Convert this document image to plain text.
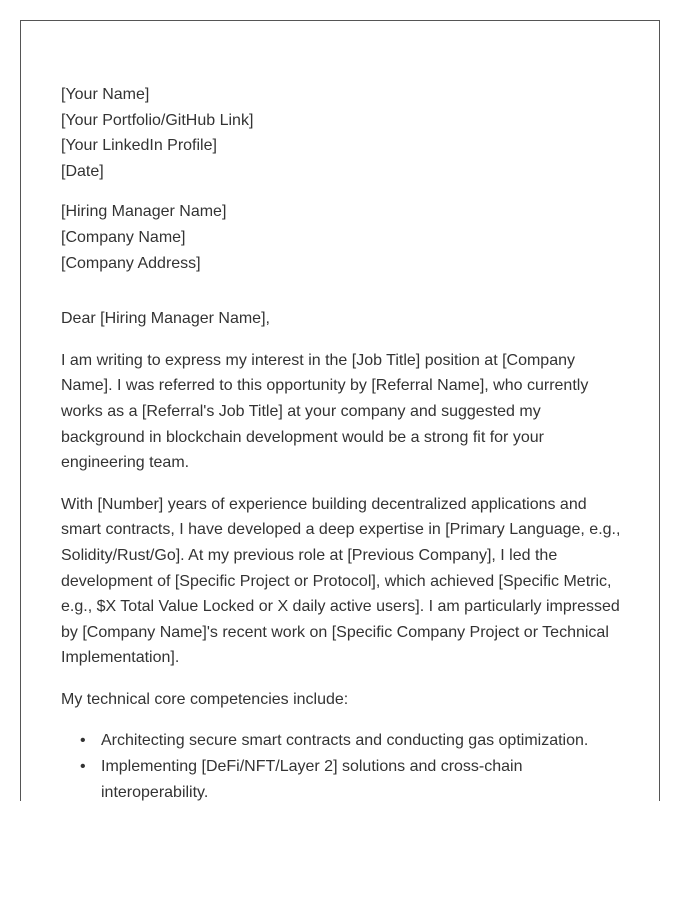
[Your Name]
[Your Portfolio/GitHub Link]
[Your LinkedIn Profile]
[Date]
[Hiring Manager Name]
[Company Name]
[Company Address]
Dear [Hiring Manager Name],

I am writing to express my interest in the [Job Title] position at [Company
Name]. I was referred to this opportunity by [Referral Name], who currently
works as a [Referral's Job Title] at your company and suggested my
background in blockchain development would be a strong fit for your
engineering team.

With [Number] years of experience building decentralized applications and
smart contracts, I have developed a deep expertise in [Primary Language, e.g.,
Solidity/Rust/Go]. At my previous role at [Previous Company], I led the
development of [Specific Project or Protocol], which achieved [Specific Metric,
e.g., $X Total Value Locked or X daily active users]. I am particularly impressed
by [Company Name]'s recent work on [Specific Company Project or Technical
Implementation].

My technical core competencies include:

• Architecting secure smart contracts and conducting gas optimization.
• Implementing [DeFi/NFT/Layer 2] solutions and cross-chain
interoperability.
